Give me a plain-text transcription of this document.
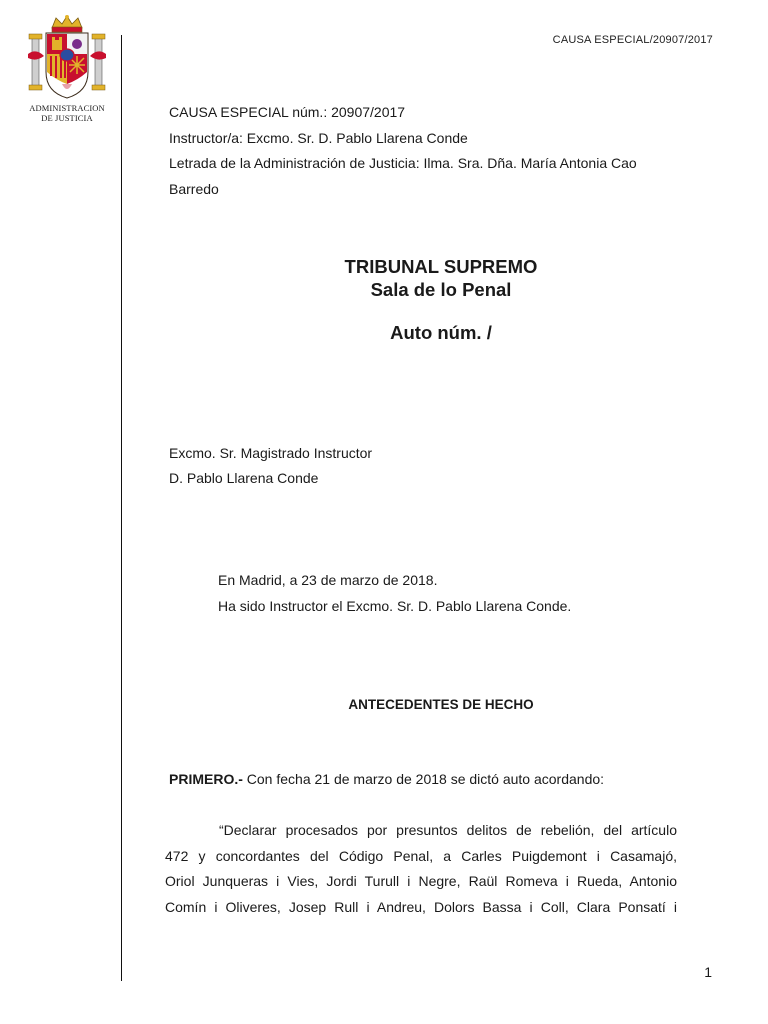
CAUSA ESPECIAL/20907/2017
ADMINISTRACION
DE JUSTICIA	CAUSA ESPECIAL núm.: 20907/2017
Instructor/a: Excmo. Sr. D. Pablo Llarena Conde
Letrada de la Administración de Justicia: Ilma. Sra. Dña. María Antonia Cao
Barredo
TRIBUNAL SUPREMO
Sala de lo Penal
Auto núm. /
Excmo. Sr. Magistrado Instructor
D. Pablo Llarena Conde
En Madrid, a 23 de marzo de 2018.
Ha sido Instructor el Excmo. Sr. D. Pablo Llarena Conde.
ANTECEDENTES DE HECHO
PRIMERO.- Con fecha 21 de marzo de 2018 se dictó auto acordando:
“Declarar procesados por presuntos delitos de rebelión, del artículo
472 y concordantes del Código Penal, a Carles Puigdemont i Casamajó,
Oriol Junqueras i Vies, Jordi Turull i Negre, Raül Romeva i Rueda, Antonio
Comín i Oliveres, Josep Rull i Andreu, Dolors Bassa i Coll, Clara Ponsatí i
1
